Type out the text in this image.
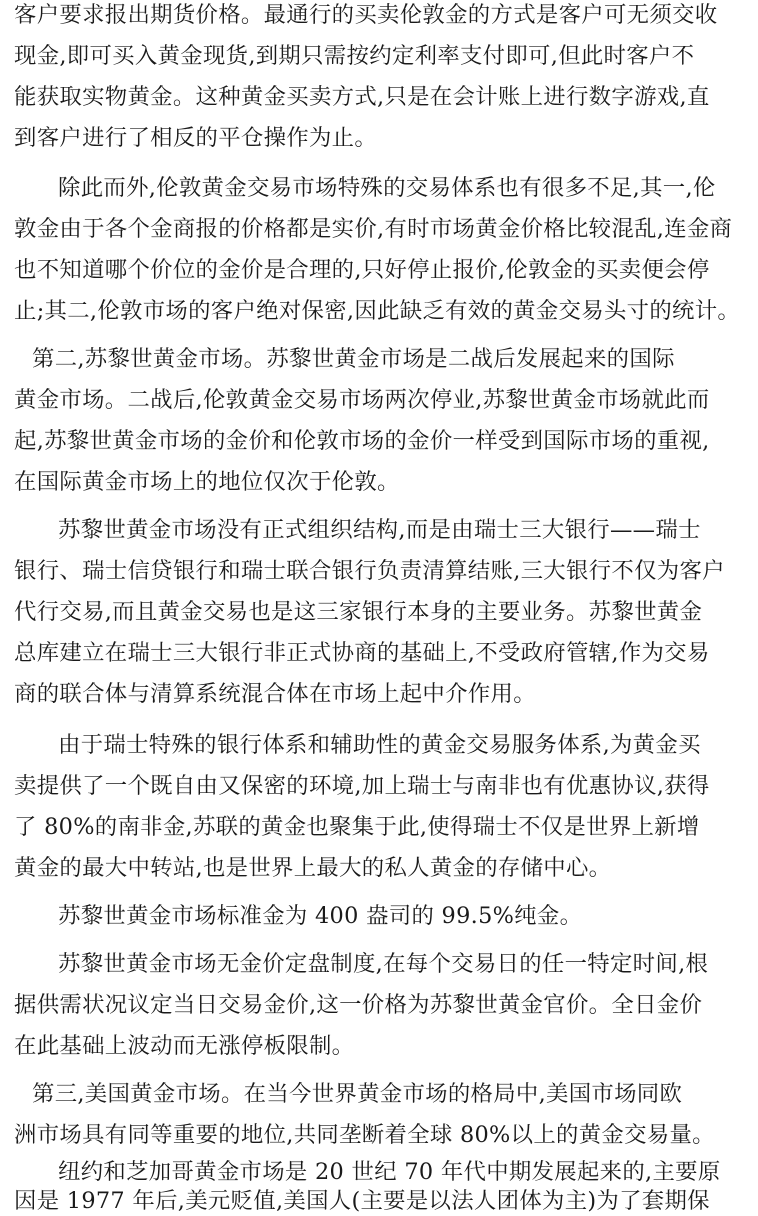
客户要求报出期货价格。最通行的买卖伦敦金的方式是客户可无须交收
现金,即可买入黄金现货,到期只需按约定利率支付即可,但此时客户不
能获取实物黄金。这种黄金买卖方式,只是在会计账上进行数字游戏,直
到客户进行了相反的平仓操作为止。
除此而外,伦敦黄金交易市场特殊的交易体系也有很多不足,其一,伦
敦金由于各个金商报的价格都是实价,有时市场黄金价格比较混乱,连金商
也不知道哪个价位的金价是合理的,只好停止报价,伦敦金的买卖便会停
止;其二,伦敦市场的客户绝对保密,因此缺乏有效的黄金交易头寸的统计。
第二,苏黎世黄金市场。苏黎世黄金市场是二战后发展起来的国际
黄金市场。二战后,伦敦黄金交易市场两次停业,苏黎世黄金市场就此而
起,苏黎世黄金市场的金价和伦敦市场的金价一样受到国际市场的重视,
在国际黄金市场上的地位仅次于伦敦。
苏黎世黄金市场没有正式组织结构,而是由瑞士三大银行——瑞士
银行、瑞士信贷银行和瑞士联合银行负责清算结账,三大银行不仅为客户
代行交易,而且黄金交易也是这三家银行本身的主要业务。苏黎世黄金
总库建立在瑞士三大银行非正式协商的基础上,不受政府管辖,作为交易
商的联合体与清算系统混合体在市场上起中介作用。
由于瑞士特殊的银行体系和辅助性的黄金交易服务体系,为黄金买
卖提供了一个既自由又保密的环境,加上瑞士与南非也有优惠协议,获得
了 80%的南非金,苏联的黄金也聚集于此,使得瑞士不仅是世界上新增
黄金的最大中转站,也是世界上最大的私人黄金的存储中心。
苏黎世黄金市场标准金为 400 盎司的 99.5%纯金。
苏黎世黄金市场无金价定盘制度,在每个交易日的任一特定时间,根
据供需状况议定当日交易金价,这一价格为苏黎世黄金官价。全日金价
在此基础上波动而无涨停板限制。
第三,美国黄金市场。在当今世界黄金市场的格局中,美国市场同欧
洲市场具有同等重要的地位,共同垄断着全球 80%以上的黄金交易量。
纽约和芝加哥黄金市场是 20 世纪 70 年代中期发展起来的,主要原
因是 1977 年后,美元贬值,美国人(主要是以法人团体为主)为了套期保
